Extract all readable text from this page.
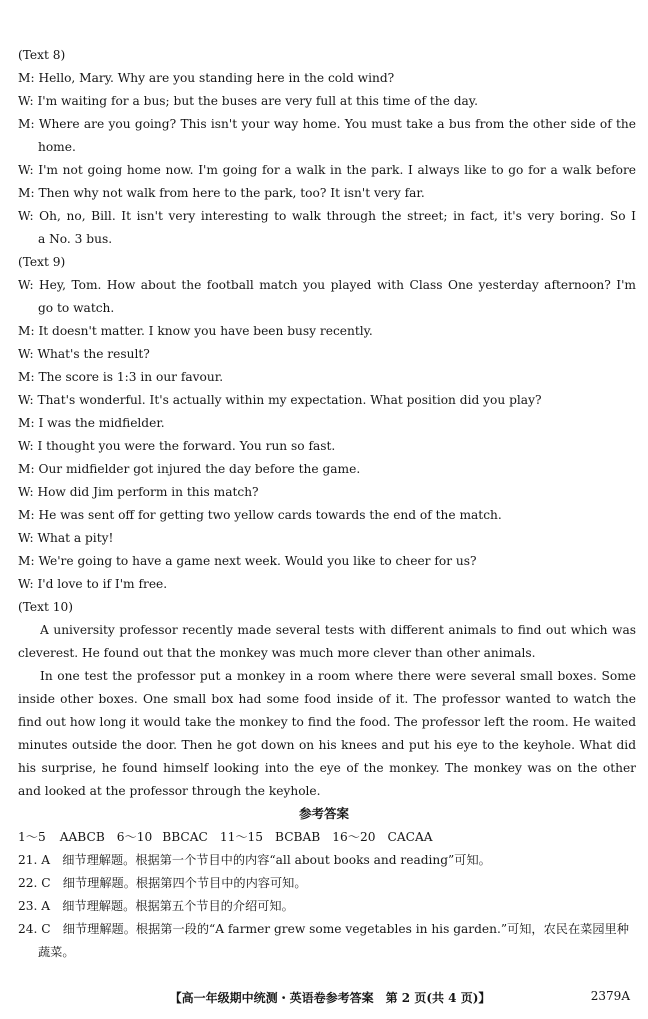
(Text 8)
M: Hello, Mary. Why are you standing here in the cold wind?
W: I'm waiting for a bus; but the buses are very full at this time of the day.
M: Where are you going? This isn't your way home. You must take a bus from the other side of the
home.
W: I'm not going home now. I'm going for a walk in the park. I always like to go for a walk before
M: Then why not walk from here to the park, too? It isn't very far.
W: Oh, no, Bill. It isn't very interesting to walk through the street; in fact, it's very boring. So I
a No. 3 bus.
(Text 9)
W: Hey, Tom. How about the football match you played with Class One yesterday afternoon? I'm
go to watch.
M: It doesn't matter. I know you have been busy recently.
W: What's the result?
M: The score is 1:3 in our favour.
W: That's wonderful. It's actually within my expectation. What position did you play?
M: I was the midfielder.
W: I thought you were the forward. You run so fast.
M: Our midfielder got injured the day before the game.
W: How did Jim perform in this match?
M: He was sent off for getting two yellow cards towards the end of the match.
W: What a pity!
M: We're going to have a game next week. Would you like to cheer for us?
W: I'd love to if I'm free.
(Text 10)
A university professor recently made several tests with different animals to find out which was
cleverest. He found out that the monkey was much more clever than other animals.
In one test the professor put a monkey in a room where there were several small boxes. Some
inside other boxes. One small box had some food inside of it. The professor wanted to watch the
find out how long it would take the monkey to find the food. The professor left the room. He waited
minutes outside the door. Then he got down on his knees and put his eye to the keyhole. What did
his surprise, he found himself looking into the eye of the monkey. The monkey was on the other
and looked at the professor through the keyhole.
参考答案
1～5 AABCB 6～10 BBCAC 11～15 BCBAB 16～20 CACAA
21. A　细节理解题。根据第一个节目中的内容“all about books and reading”可知。
22. C　细节理解题。根据第四个节目中的内容可知。
23. A　细节理解题。根据第五个节目的介绍可知。
24. C　细节理解题。根据第一段的“A farmer grew some vegetables in his garden.”可知，农民在菜园里种
蔬菜。
【高一年级期中统测・英语卷参考答案　第 2 页(共 4 页)】	2379A
